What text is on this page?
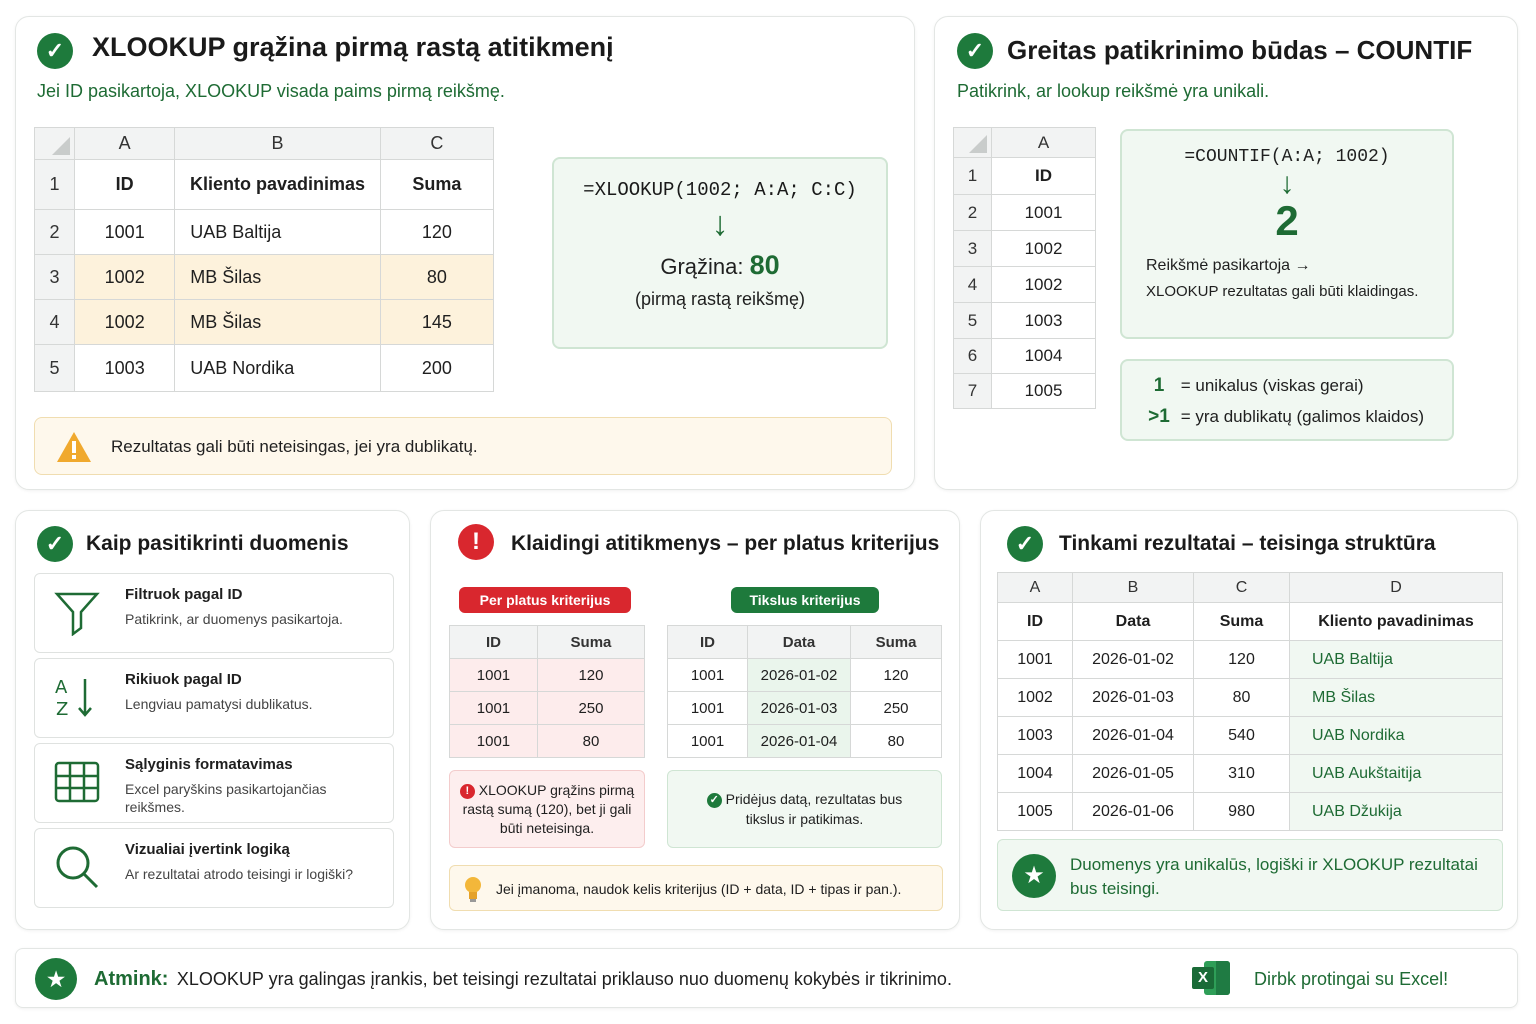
✓	XLOOKUP grąžina pirmą rastą atitikmenį
Jei ID pasikartoja, XLOOKUP visada paims pirmą reikšmę.
	A	B	C
1	ID	Kliento pavadinimas	Suma
2	1001	UAB Baltija	120
3	1002	MB Šilas	80
4	1002	MB Šilas	145
5	1003	UAB Nordika	200
=XLOOKUP(1002; A:A; C:C)
↓
Grąžina: 80
(pirmą rastą reikšmę)
Rezultatas gali būti neteisingas, jei yra dublikatų.
✓ Greitas patikrinimo būdas – COUNTIF
Patikrink, ar lookup reikšmė yra unikali.
	A
1	ID
2	1001
3	1002
4	1002
5	1003
6	1004
7	1005
=COUNTIF(A:A; 1002)
↓
2
Reikšmė pasikartoja →
XLOOKUP rezultatas gali būti klaidingas.
1 = unikalus (viskas gerai)
>1 = yra dublikatų (galimos klaidos)
✓	Kaip pasitikrinti duomenis
Filtruok pagal ID
Patikrink, ar duomenys pasikartoja.
A
Z
Rikiuok pagal ID
Lengviau pamatysi dublikatus.
Sąlyginis formatavimas
Excel paryškins pasikartojančias reikšmes.
Vizualiai įvertink logiką
Ar rezultatai atrodo teisingi ir logiški?
!	Klaidingi atitikmenys – per platus kriterijus
Per platus kriterijus	Tikslus kriterijus
ID	Suma
1001	120
1001	250
1001	80
ID	Data	Suma
1001	2026-01-02	120
1001	2026-01-03	250
1001	2026-01-04	80
! XLOOKUP grąžins pirmą rastą sumą (120), bet ji gali būti neteisinga.
✓ Pridėjus datą, rezultatas bus tikslus ir patikimas.
Jei įmanoma, naudok kelis kriterijus (ID + data, ID + tipas ir pan.).
✓	Tinkami rezultatai – teisinga struktūra
A	B	C	D
ID	Data	Suma	Kliento pavadinimas
1001	2026-01-02	120	UAB Baltija
1002	2026-01-03	80	MB Šilas
1003	2026-01-04	540	UAB Nordika
1004	2026-01-05	310	UAB Aukštaitija
1005	2026-01-06	980	UAB Džukija
★	Duomenys yra unikalūs, logiški ir XLOOKUP rezultatai bus teisingi.
★	Atmink: XLOOKUP yra galingas įrankis, bet teisingi rezultatai priklauso nuo duomenų kokybės ir tikrinimo.	X	Dirbk protingai su Excel!
